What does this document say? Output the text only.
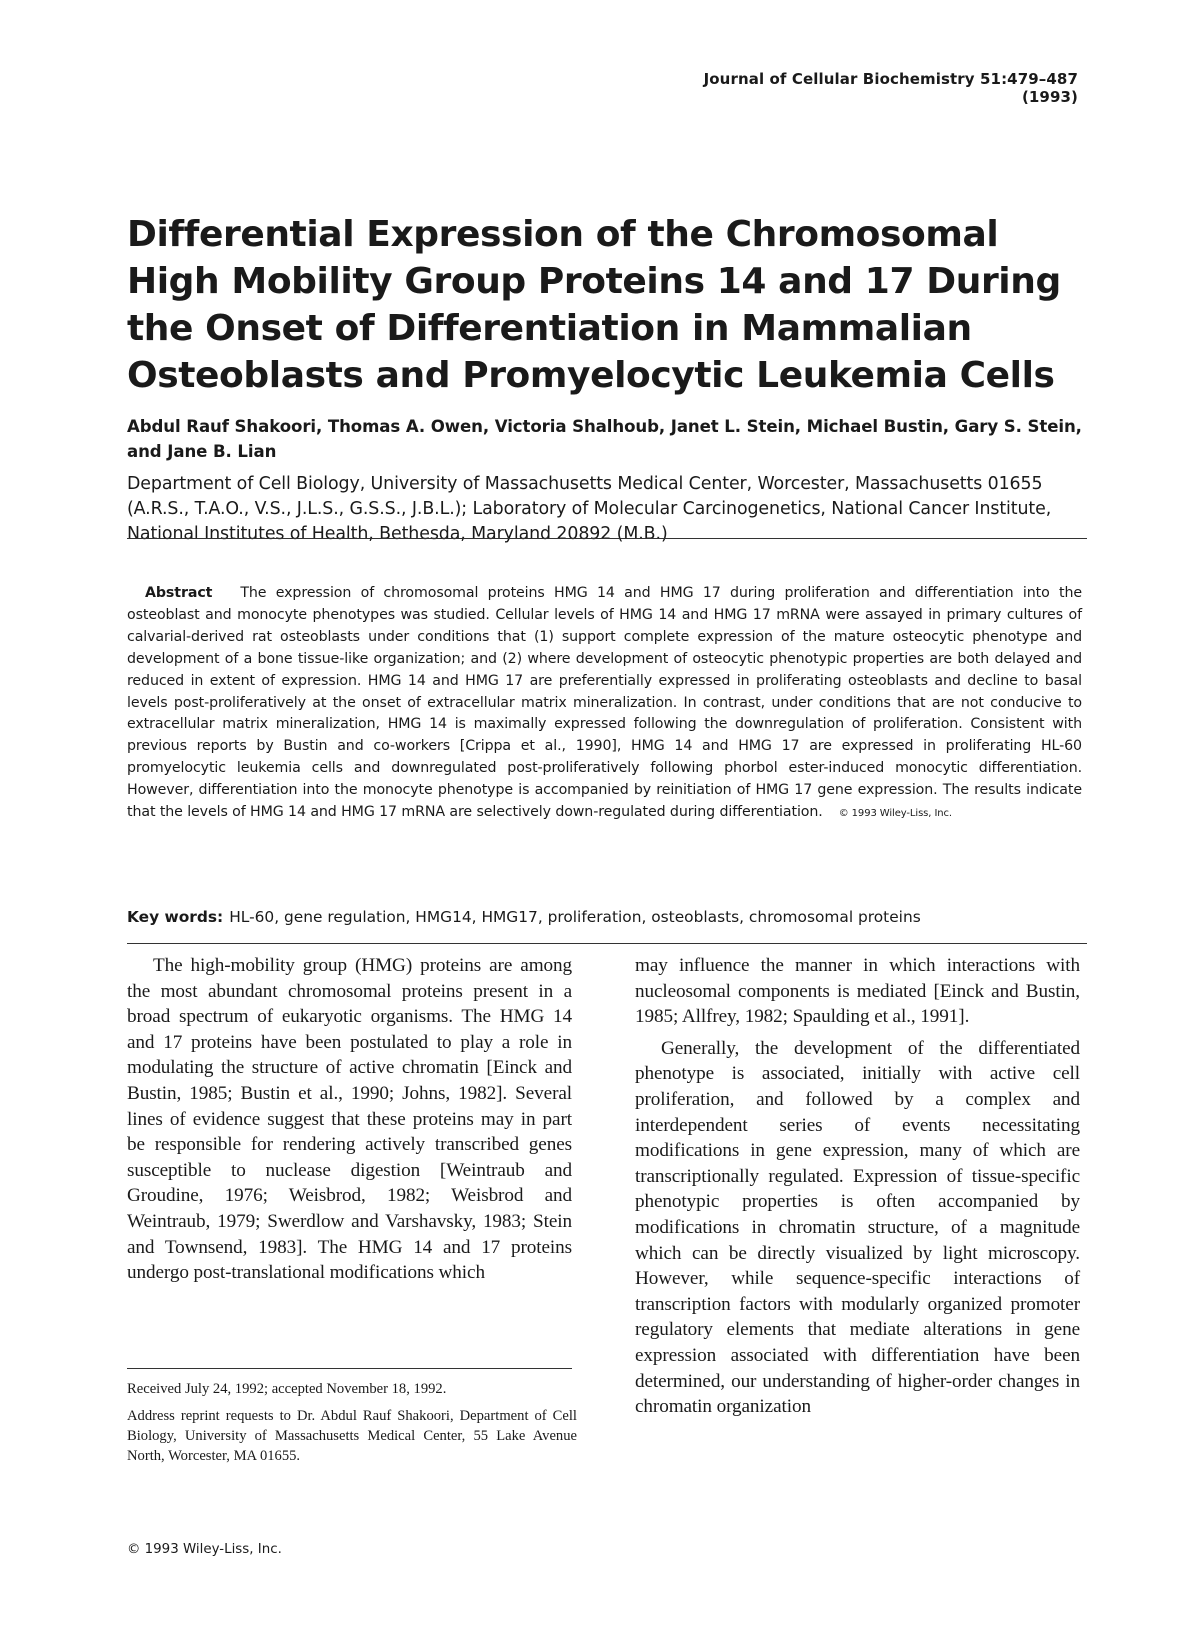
Journal of Cellular Biochemistry 51:479–487 (1993)
Differential Expression of the Chromosomal High Mobility Group Proteins 14 and 17 During the Onset of Differentiation in Mammalian Osteoblasts and Promyelocytic Leukemia Cells

Abdul Rauf Shakoori, Thomas A. Owen, Victoria Shalhoub, Janet L. Stein, Michael Bustin, Gary S. Stein, and Jane B. Lian

Department of Cell Biology, University of Massachusetts Medical Center, Worcester, Massachusetts 01655 (A.R.S., T.A.O., V.S., J.L.S., G.S.S., J.B.L.); Laboratory of Molecular Carcinogenetics, National Cancer Institute, National Institutes of Health, Bethesda, Maryland 20892 (M.B.)

Abstract The expression of chromosomal proteins HMG 14 and HMG 17 during proliferation and differentiation into the osteoblast and monocyte phenotypes was studied. Cellular levels of HMG 14 and HMG 17 mRNA were assayed in primary cultures of calvarial-derived rat osteoblasts under conditions that (1) support complete expression of the mature osteocytic phenotype and development of a bone tissue-like organization; and (2) where development of osteocytic phenotypic properties are both delayed and reduced in extent of expression. HMG 14 and HMG 17 are preferentially expressed in proliferating osteoblasts and decline to basal levels post-proliferatively at the onset of extracellular matrix mineralization. In contrast, under conditions that are not conducive to extracellular matrix mineralization, HMG 14 is maximally expressed following the downregulation of proliferation. Consistent with previous reports by Bustin and co-workers [Crippa et al., 1990], HMG 14 and HMG 17 are expressed in proliferating HL-60 promyelocytic leukemia cells and downregulated post-proliferatively following phorbol ester-induced monocytic differentiation. However, differentiation into the monocyte phenotype is accompanied by reinitiation of HMG 17 gene expression. The results indicate that the levels of HMG 14 and HMG 17 mRNA are selectively down-regulated during differentiation. © 1993 Wiley-Liss, Inc.

Key words: HL-60, gene regulation, HMG14, HMG17, proliferation, osteoblasts, chromosomal proteins

The high-mobility group (HMG) proteins are among the most abundant chromosomal proteins present in a broad spectrum of eukaryotic organisms. The HMG 14 and 17 proteins have been postulated to play a role in modulating the structure of active chromatin [Einck and Bustin, 1985; Bustin et al., 1990; Johns, 1982]. Several lines of evidence suggest that these proteins may in part be responsible for rendering actively transcribed genes susceptible to nuclease digestion [Weintraub and Groudine, 1976; Weisbrod, 1982; Weisbrod and Weintraub, 1979; Swerdlow and Varshavsky, 1983; Stein and Townsend, 1983]. The HMG 14 and 17 proteins undergo post-translational modifications which

may influence the manner in which interactions with nucleosomal components is mediated [Einck and Bustin, 1985; Allfrey, 1982; Spaulding et al., 1991].

Generally, the development of the differentiated phenotype is associated, initially with active cell proliferation, and followed by a complex and interdependent series of events necessitating modifications in gene expression, many of which are transcriptionally regulated. Expression of tissue-specific phenotypic properties is often accompanied by modifications in chromatin structure, of a magnitude which can be directly visualized by light microscopy. However, while sequence-specific interactions of transcription factors with modularly organized promoter regulatory elements that mediate alterations in gene expression associated with differentiation have been determined, our understanding of higher-order changes in chromatin organization

Received July 24, 1992; accepted November 18, 1992.

Address reprint requests to Dr. Abdul Rauf Shakoori, Department of Cell Biology, University of Massachusetts Medical Center, 55 Lake Avenue North, Worcester, MA 01655.

© 1993 Wiley-Liss, Inc.
